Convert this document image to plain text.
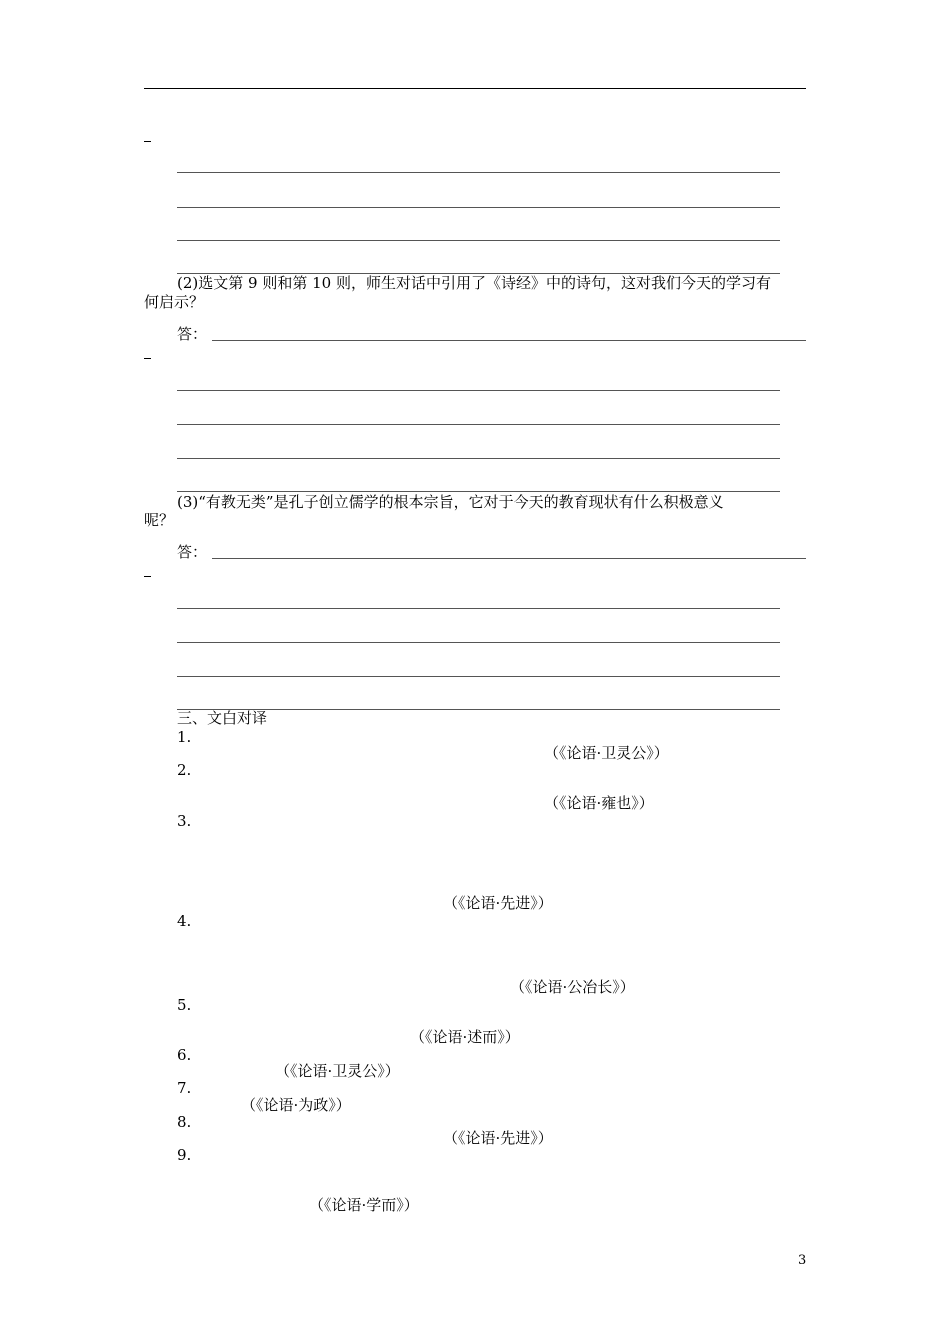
(2)选文第 9 则和第 10 则，师生对话中引用了《诗经》中的诗句，这对我们今天的学习有
何启示？
答：
(3)“有教无类”是孔子创立儒学的根本宗旨，它对于今天的教育现状有什么积极意义
呢？
答：
三、文白对译
1.
（《论语·卫灵公》）
2.
（《论语·雍也》）
3.
（《论语·先进》）
4.
（《论语·公冶长》）
5.
（《论语·述而》）
6.
（《论语·卫灵公》）
7.
（《论语·为政》）
8.
（《论语·先进》）
9.
（《论语·学而》）
3
